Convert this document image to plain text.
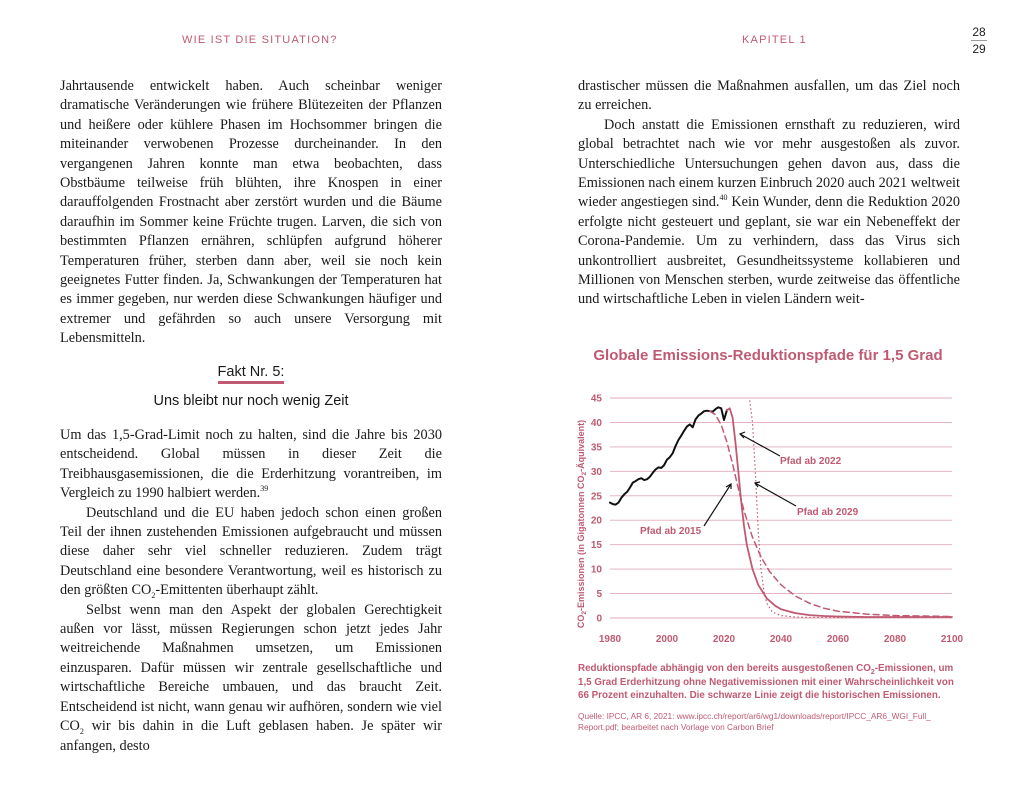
WIE IST DIE SITUATION?	KAPITEL 1
28
29

Jahrtausende entwickelt haben. Auch scheinbar weniger dramatische Veränderungen wie frühere Blütezeiten der Pflanzen und heißere oder kühlere Phasen im Hochsommer bringen die miteinander verwobenen Prozesse durcheinander. In den vergangenen Jahren konnte man etwa beobachten, dass Obstbäume teilweise früh blühten, ihre Knospen in einer darauffolgenden Frostnacht aber zerstört wurden und die Bäume daraufhin im Sommer keine Früchte trugen. Larven, die sich von bestimmten Pflanzen ernähren, schlüpfen aufgrund höherer Temperaturen früher, sterben dann aber, weil sie noch kein geeignetes Futter finden. Ja, Schwankungen der Temperaturen hat es immer gegeben, nur werden diese Schwankungen häufiger und extremer und gefährden so auch unsere Versorgung mit Lebensmitteln.

Fakt Nr. 5:
Uns bleibt nur noch wenig Zeit

Um das 1,5-Grad-Limit noch zu halten, sind die Jahre bis 2030 entscheidend. Global müssen in dieser Zeit die Treibhausgasemissionen, die die Erderhitzung vorantreiben, im Vergleich zu 1990 halbiert werden.$^{39}$

Deutschland und die EU haben jedoch schon einen großen Teil der ihnen zustehenden Emissionen aufgebraucht und müssen diese daher sehr viel schneller reduzieren. Zudem trägt Deutschland eine besondere Verantwortung, weil es historisch zu den größten $CO_2$-Emittenten überhaupt zählt.

Selbst wenn man den Aspekt der globalen Gerechtigkeit außen vor lässt, müssen Regierungen schon jetzt jedes Jahr weitreichende Maßnahmen umsetzen, um Emissionen einzusparen. Dafür müssen wir zentrale gesellschaftliche und wirtschaftliche Bereiche umbauen, und das braucht Zeit. Entscheidend ist nicht, wann genau wir aufhören, sondern wie viel $CO_2$ wir bis dahin in die Luft geblasen haben. Je später wir anfangen, desto

drastischer müssen die Maßnahmen ausfallen, um das Ziel noch zu erreichen.

Doch anstatt die Emissionen ernsthaft zu reduzieren, wird global betrachtet nach wie vor mehr ausgestoßen als zuvor. Unterschiedliche Untersuchungen gehen davon aus, dass die Emissionen nach einem kurzen Einbruch 2020 auch 2021 weltweit wieder angestiegen sind.$^{40}$ Kein Wunder, denn die Reduktion 2020 erfolgte nicht gesteuert und geplant, sie war ein Nebeneffekt der Corona-Pandemie. Um zu verhindern, dass das Virus sich unkontrolliert ausbreitet, Gesundheitssysteme kollabieren und Millionen von Menschen sterben, wurde zeitweise das öffentliche und wirtschaftliche Leben in vielen Ländern weit-

Globale Emissions-Reduktionspfade für 1,5 Grad
0
5
10
15
20
25
30
35
40
45
1980	2000	2020	2040	2060	2080	2100
$CO_2$-Emissionen (in Gigatonnen $CO_2-Äquivalent$)	Pfad ab 2022
Pfad ab 2029
Pfad ab 2015
Reduktionspfade abhängig von den bereits ausgestoßenen $CO_2$-Emissionen, um 1,5 Grad Erderhitzung ohne Negativemissionen mit einer Wahrscheinlichkeit von 66 Prozent einzuhalten. Die schwarze Linie zeigt die historischen Emissionen.
Quelle: IPCC, AR 6, 2021: www.ipcc.ch/report/ar6/wg1/downloads/report/IPCC_AR6_WGI_Full_ Report.pdf; bearbeitet nach Vorlage von Carbon Brief
